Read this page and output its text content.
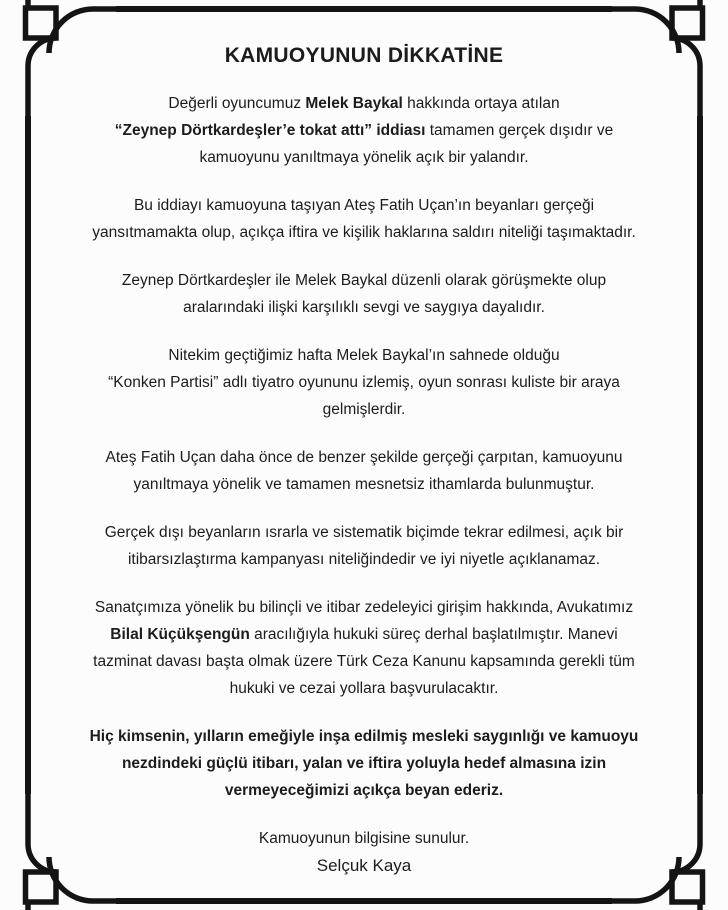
KAMUOYUNUN DİKKATİNE

Değerli oyuncumuz Melek Baykal hakkında ortaya atılan
“Zeynep Dörtkardeşler’e tokat attı” iddiası tamamen gerçek dışıdır ve
kamuoyunu yanıltmaya yönelik açık bir yalandır.

Bu iddiayı kamuoyuna taşıyan Ateş Fatih Uçan’ın beyanları gerçeği
yansıtmamakta olup, açıkça iftira ve kişilik haklarına saldırı niteliği taşımaktadır.

Zeynep Dörtkardeşler ile Melek Baykal düzenli olarak görüşmekte olup
aralarındaki ilişki karşılıklı sevgi ve saygıya dayalıdır.

Nitekim geçtiğimiz hafta Melek Baykal’ın sahnede olduğu
“Konken Partisi” adlı tiyatro oyununu izlemiş, oyun sonrası kuliste bir araya
gelmişlerdir.

Ateş Fatih Uçan daha önce de benzer şekilde gerçeği çarpıtan, kamuoyunu
yanıltmaya yönelik ve tamamen mesnetsiz ithamlarda bulunmuştur.

Gerçek dışı beyanların ısrarla ve sistematik biçimde tekrar edilmesi, açık bir
itibarsızlaştırma kampanyası niteliğindedir ve iyi niyetle açıklanamaz.

Sanatçımıza yönelik bu bilinçli ve itibar zedeleyici girişim hakkında, Avukatımız
Bilal Küçükşengün aracılığıyla hukuki süreç derhal başlatılmıştır. Manevi
tazminat davası başta olmak üzere Türk Ceza Kanunu kapsamında gerekli tüm
hukuki ve cezai yollara başvurulacaktır.

Hiç kimsenin, yılların emeğiyle inşa edilmiş mesleki saygınlığı ve kamuoyu
nezdindeki güçlü itibarı, yalan ve iftira yoluyla hedef almasına izin
vermeyeceğimizi açıkça beyan ederiz.

Kamuoyunun bilgisine sunulur.
Selçuk Kaya
